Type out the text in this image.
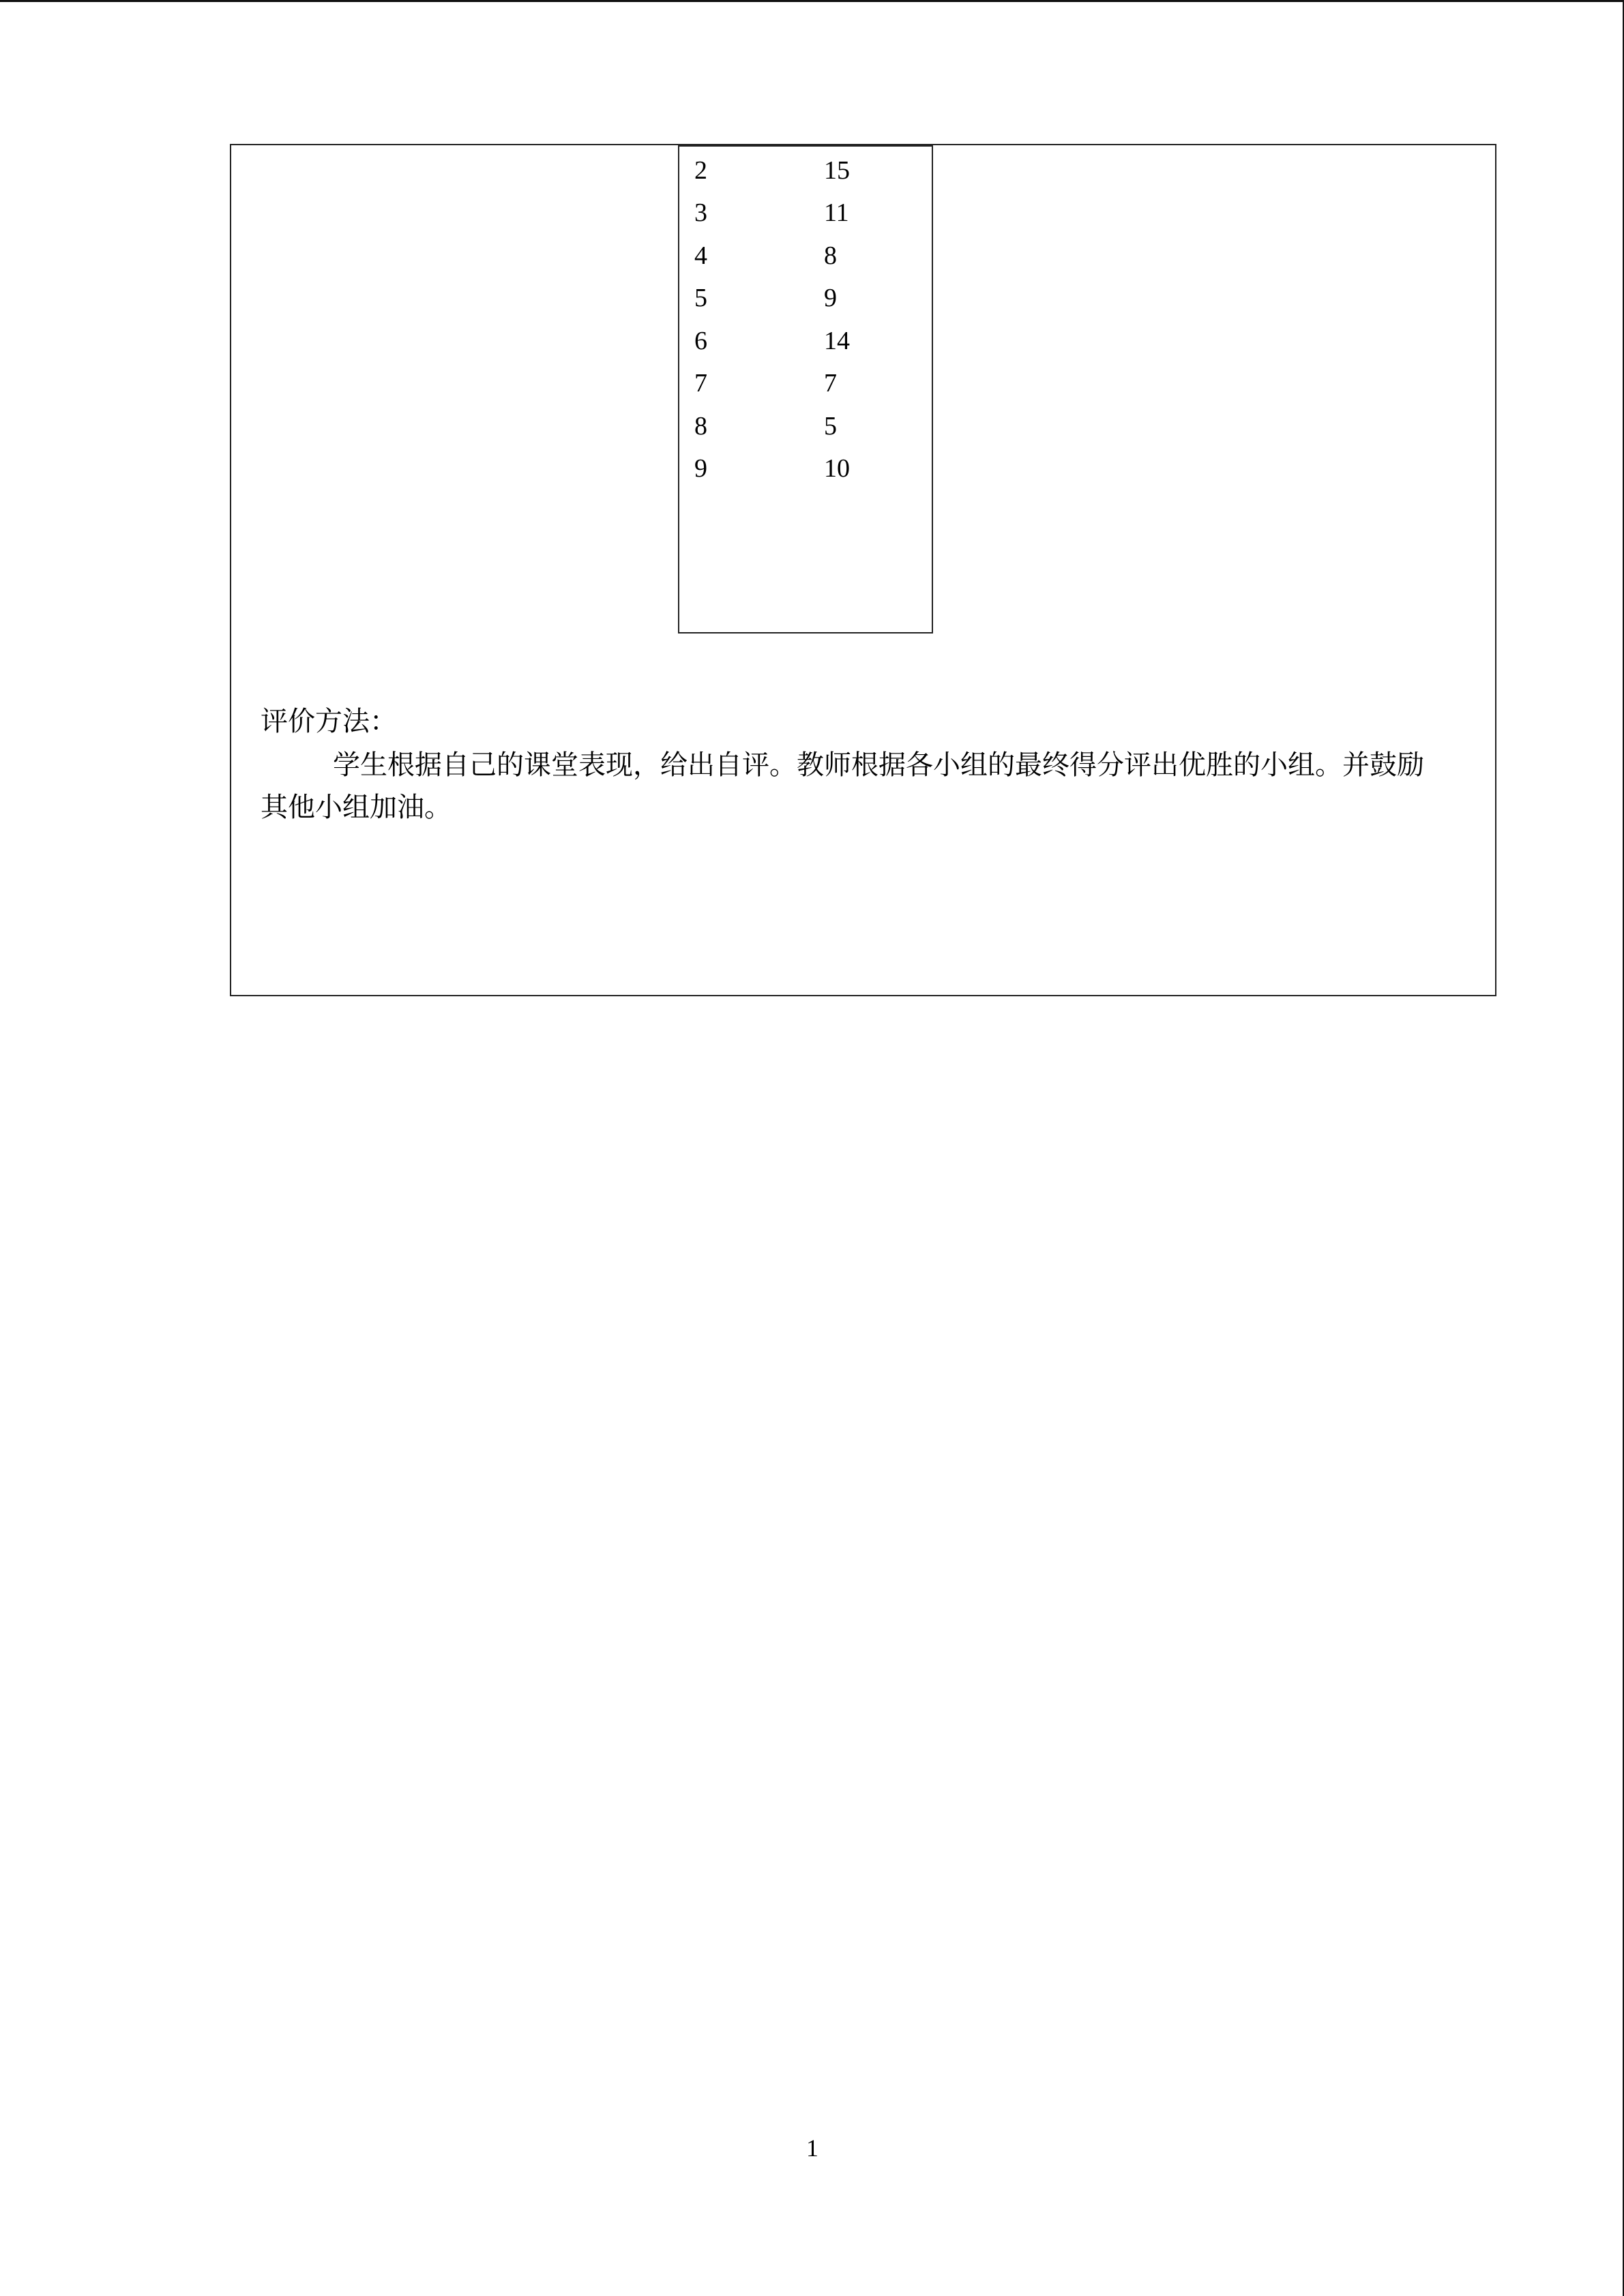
2	15
3	11
4	8
5	9
6	14
7	7
8	5
9	10
评价方法：
学生根据自己的课堂表现，给出自评。教师根据各小组的最终得分评出优胜的小组。并鼓励
其他小组加油。
1
